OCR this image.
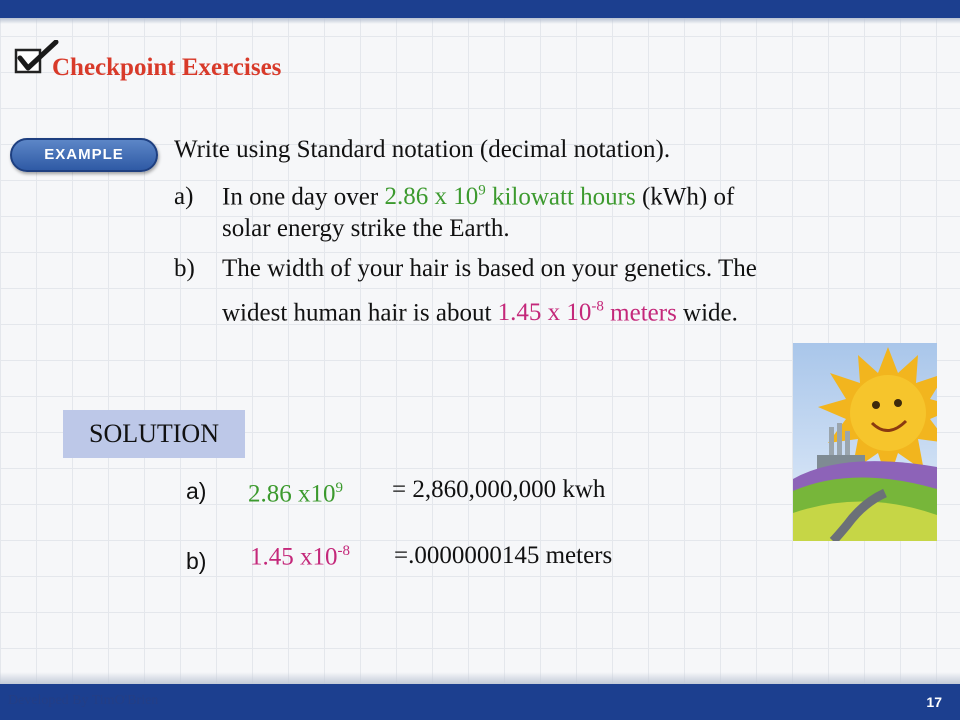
Checkpoint Exercises
EXAMPLE	Write using Standard notation (decimal notation).
a) In one day over 2.86 x $10^9$ kilowatt hours (kWh) of
solar energy strike the Earth.
b) The width of your hair is based on your genetics. The
widest human hair is about 1.45 x $10^{-8}$ meters wide.
SOLUTION
a) 2.86 $x10^9 = 2,860,000,000$ kwh
b) 1.45 $x10^{-8} =.0000000145$ meters
Developed By TimO'Brien	17
